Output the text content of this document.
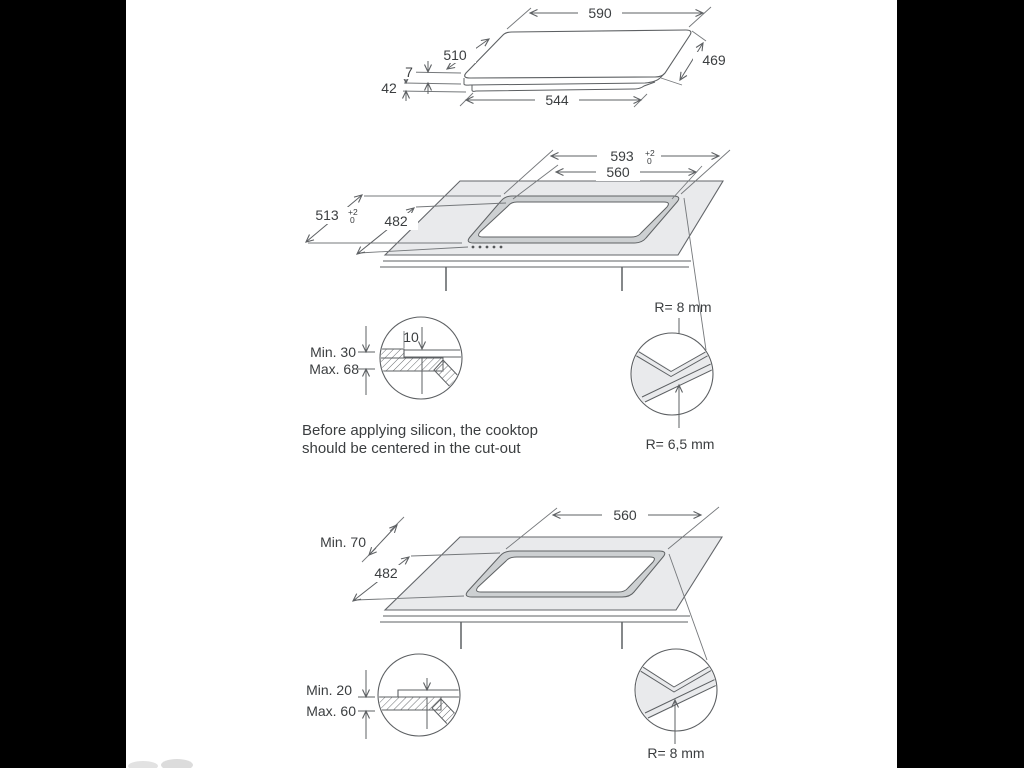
590
510	469
7
42
544
593 +2
0
560
513 +2
0 482
R= 8 mm
R= 6,5 mm
10
Min. 30
Max. 68
Before applying silicon, the cooktop
should be centered in the cut-out
560
Min. 70
482
Min. 20
Max. 60
R= 8 mm
